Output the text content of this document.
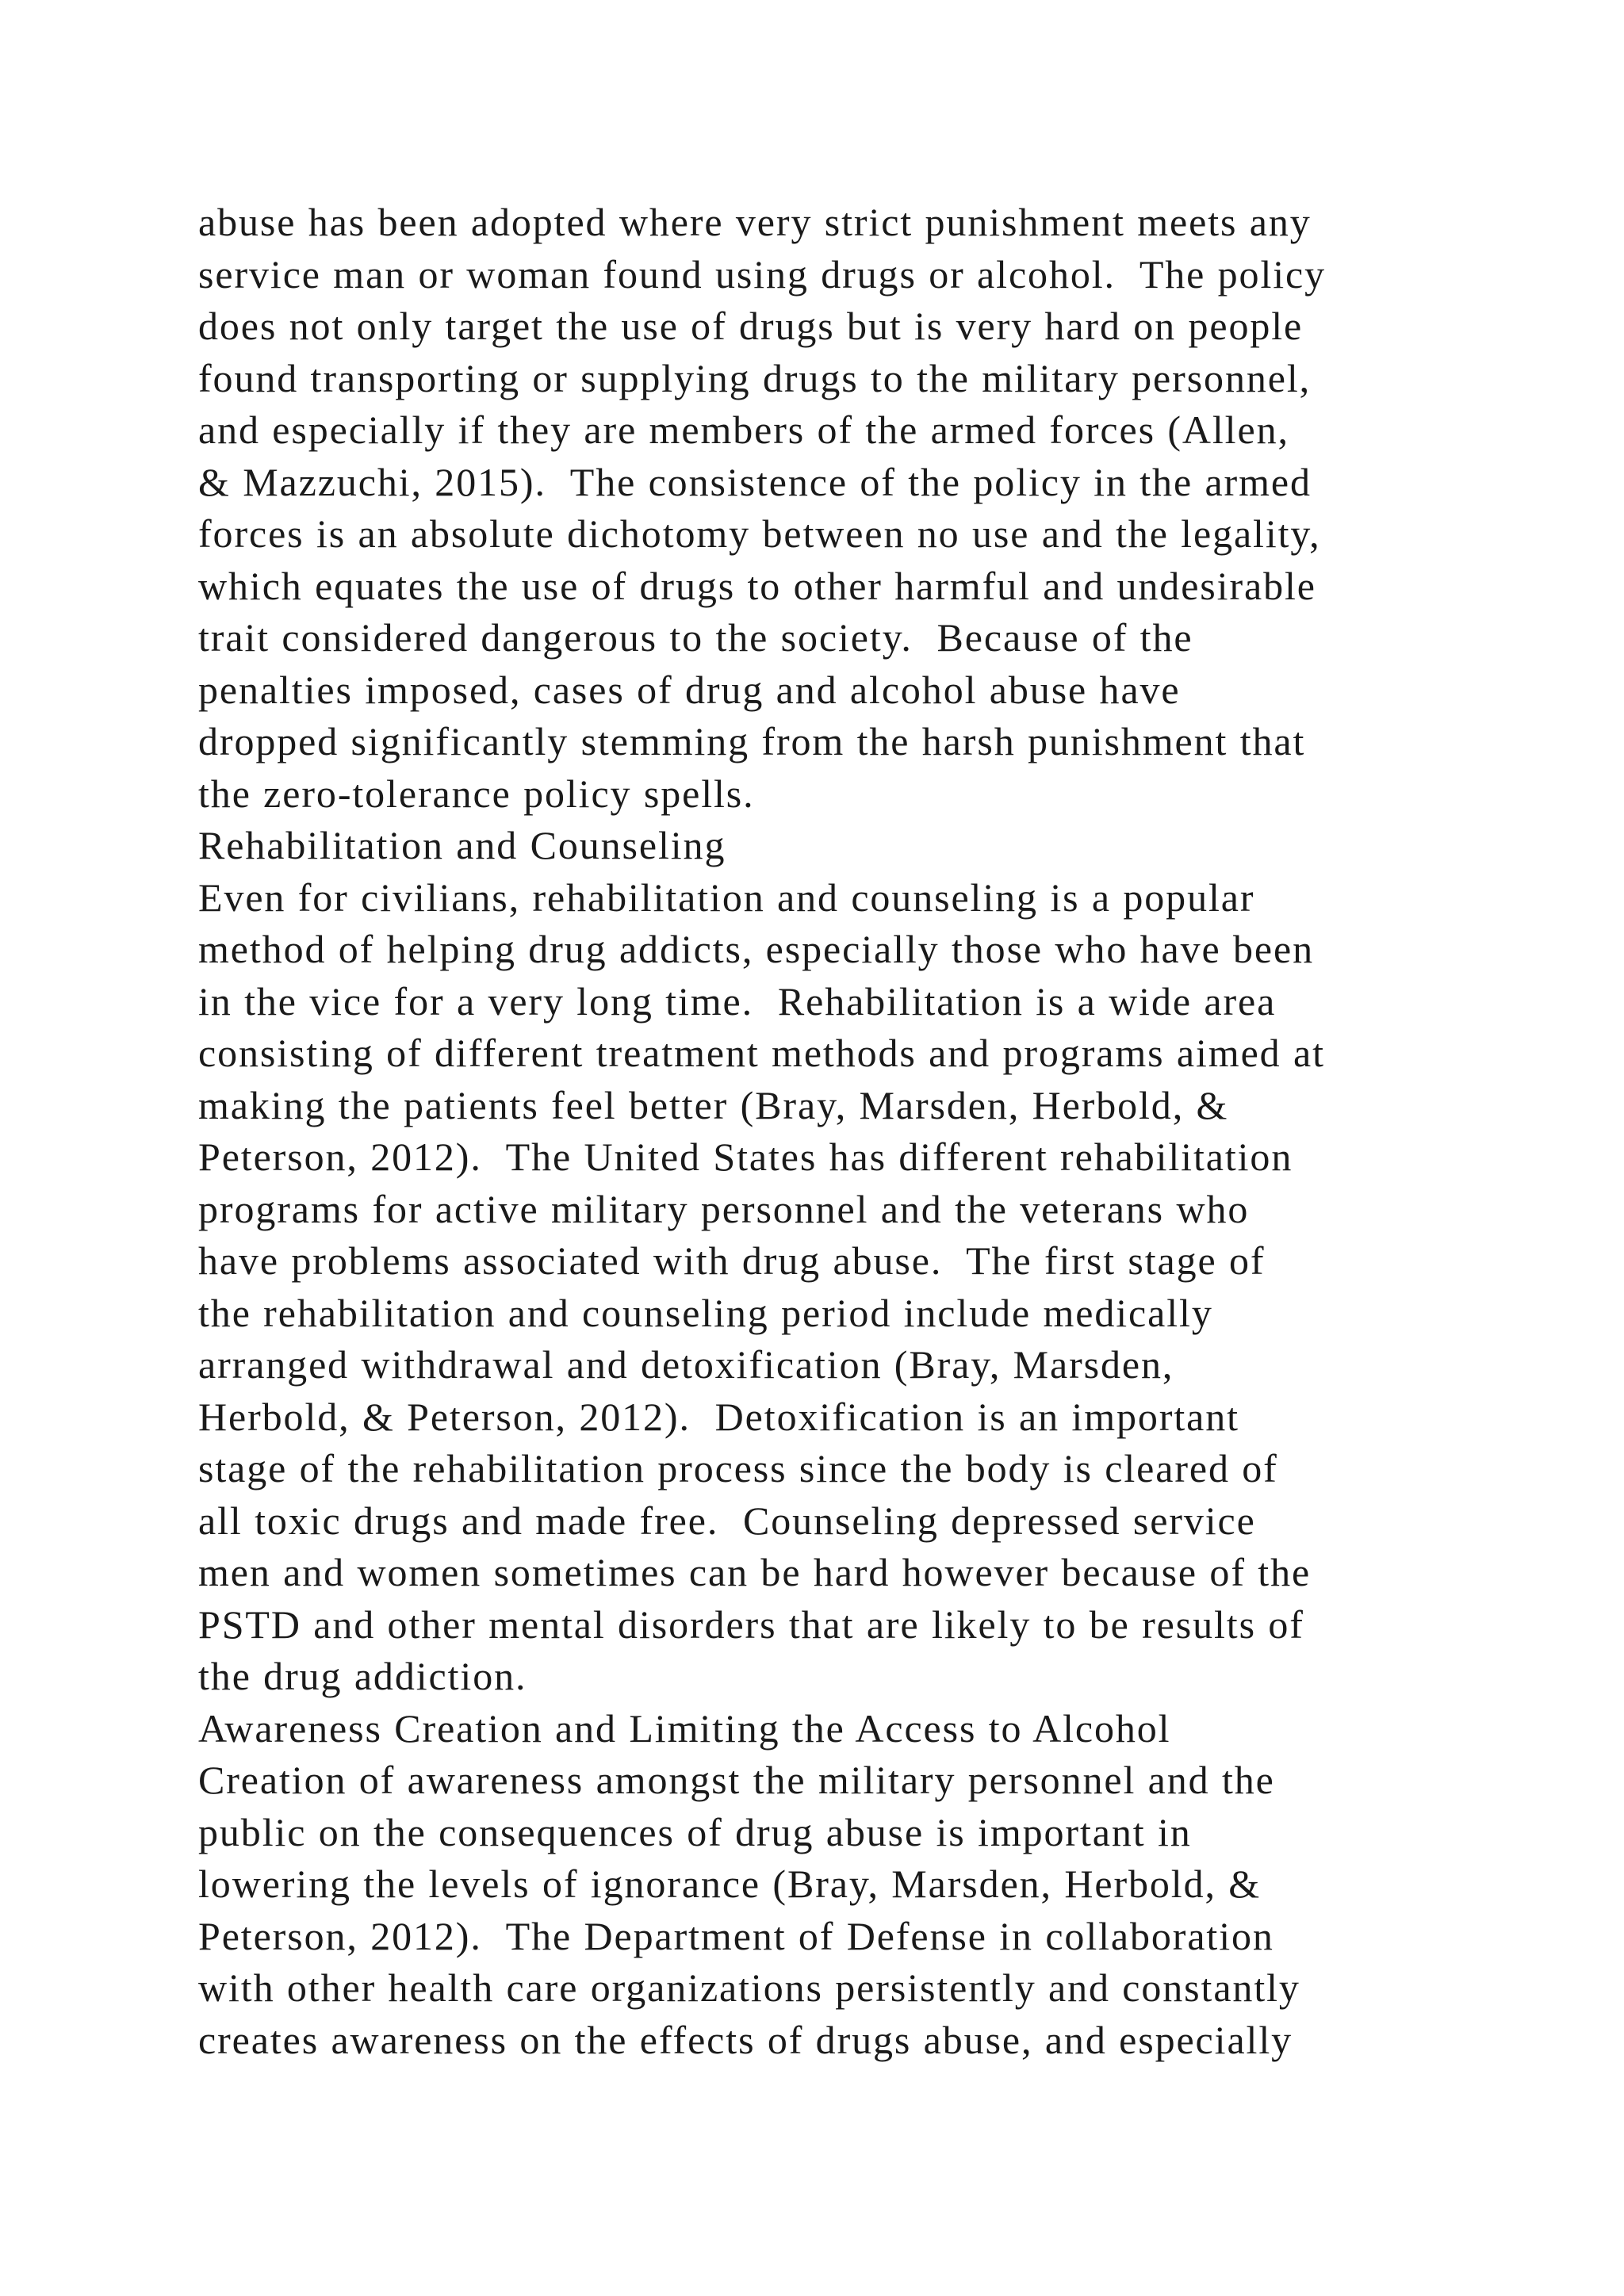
abuse has been adopted where very strict punishment meets any
service man or woman found using drugs or alcohol.  The policy
does not only target the use of drugs but is very hard on people
found transporting or supplying drugs to the military personnel,
and especially if they are members of the armed forces (Allen,
& Mazzuchi, 2015).  The consistence of the policy in the armed
forces is an absolute dichotomy between no use and the legality,
which equates the use of drugs to other harmful and undesirable
trait considered dangerous to the society.  Because of the
penalties imposed, cases of drug and alcohol abuse have
dropped significantly stemming from the harsh punishment that
the zero-tolerance policy spells.
Rehabilitation and Counseling
Even for civilians, rehabilitation and counseling is a popular
method of helping drug addicts, especially those who have been
in the vice for a very long time.  Rehabilitation is a wide area
consisting of different treatment methods and programs aimed at
making the patients feel better (Bray, Marsden, Herbold, &
Peterson, 2012).  The United States has different rehabilitation
programs for active military personnel and the veterans who
have problems associated with drug abuse.  The first stage of
the rehabilitation and counseling period include medically
arranged withdrawal and detoxification (Bray, Marsden,
Herbold, & Peterson, 2012).  Detoxification is an important
stage of the rehabilitation process since the body is cleared of
all toxic drugs and made free.  Counseling depressed service
men and women sometimes can be hard however because of the
PSTD and other mental disorders that are likely to be results of
the drug addiction.
Awareness Creation and Limiting the Access to Alcohol
Creation of awareness amongst the military personnel and the
public on the consequences of drug abuse is important in
lowering the levels of ignorance (Bray, Marsden, Herbold, &
Peterson, 2012).  The Department of Defense in collaboration
with other health care organizations persistently and constantly
creates awareness on the effects of drugs abuse, and especially
